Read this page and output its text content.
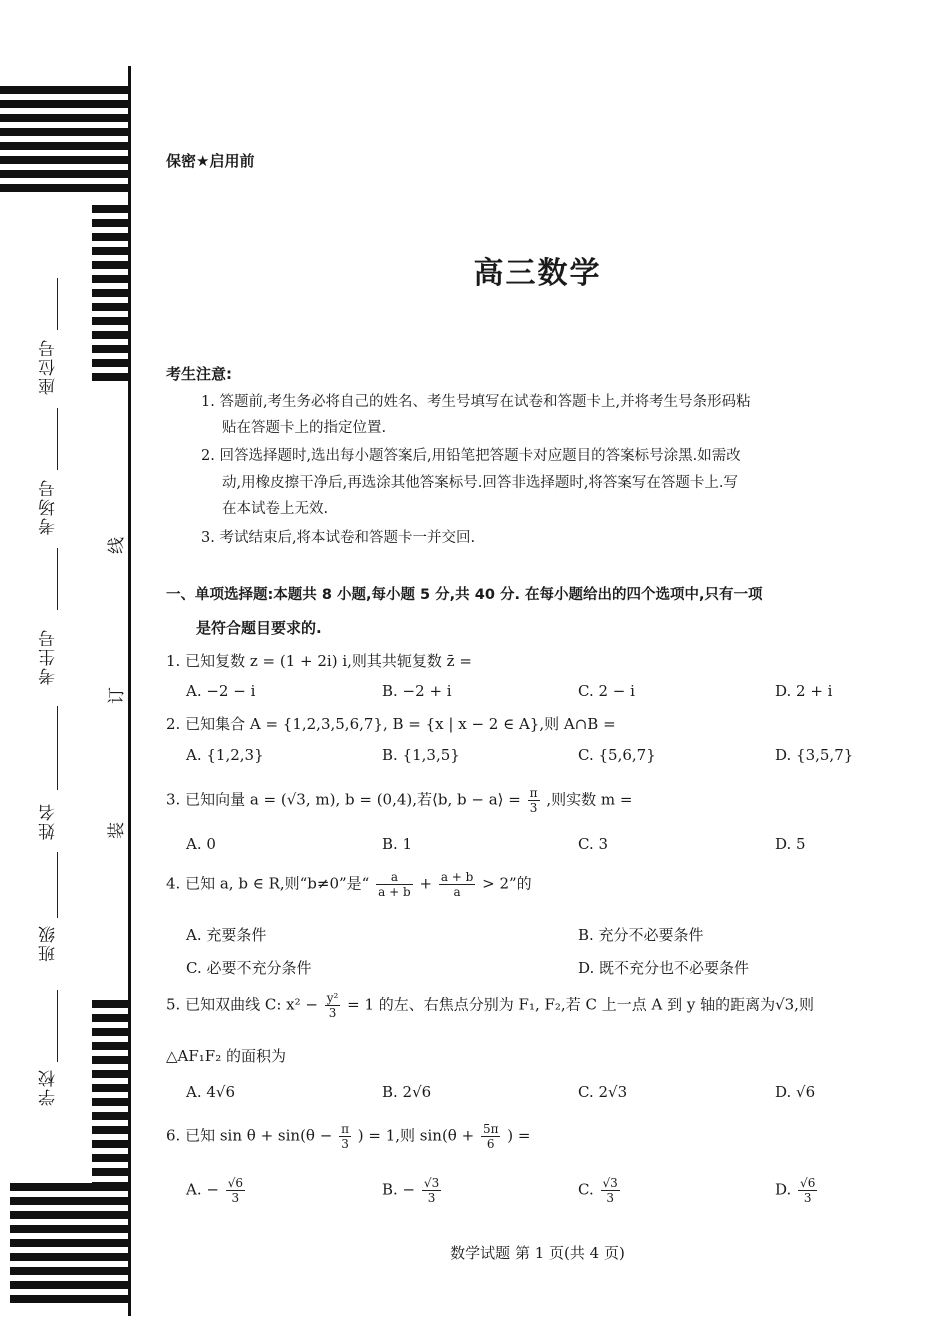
座位号
考场号
考生号
姓名
班级
学校
线
订
装
保密★启用前
高三数学
考生注意:
1. 答题前,考生务必将自己的姓名、考生号填写在试卷和答题卡上,并将考生号条形码粘
贴在答题卡上的指定位置.
2. 回答选择题时,选出每小题答案后,用铅笔把答题卡对应题目的答案标号涂黑.如需改
动,用橡皮擦干净后,再选涂其他答案标号.回答非选择题时,将答案写在答题卡上.写
在本试卷上无效.
3. 考试结束后,将本试卷和答题卡一并交回.
一、单项选择题:本题共 8 小题,每小题 5 分,共 40 分. 在每小题给出的四个选项中,只有一项
是符合题目要求的.
1. 已知复数 z = (1 + 2i) i,则其共轭复数 z̄ =
A. −2 − i	B. −2 + i	C. 2 − i	D. 2 + i
2. 已知集合 A = {1,2,3,5,6,7}, B = {x | x − 2 ∈ A},则 A∩B =
A. {1,2,3}	B. {1,3,5}	C. {5,6,7}	D. {3,5,7}
3. 已知向量 a = (√3, m), b = (0,4),若⟨b, b − a⟩ = $\frac{\pi}{3}$ ,则实数 m =
A. 0	B. 1	C. 3	D. 5
4. 已知 a, b ∈ R,则“b≠0”是“ $\frac{a}{a + b} + \frac{a + b}{a} > 2$”的
A. 充要条件	B. 充分不必要条件
C. 必要不充分条件	D. 既不充分也不必要条件
5. 已知双曲线 C: $x^2 - \frac{\text{y²}}{3} = 1$ 的左、右焦点分别为 F₁, F₂,若 C 上一点 A 到 y 轴的距离为√3,则
△AF₁F₂ 的面积为
A. 4√6	B. 2√6	C. 2√3	D. √6
6. 已知 $\sin \theta + \sin(\theta - \frac{\pi}{3}$ ) = 1,则 $\sin(\theta + \frac{5\pi}{6}$ ) =
A. − $\frac{√6}{3}$	B. − $\frac{√3}{3}$	C. $\frac{√3}{3}$	D. $\frac{√6}{3}$
数学试题 第 1 页(共 4 页)
